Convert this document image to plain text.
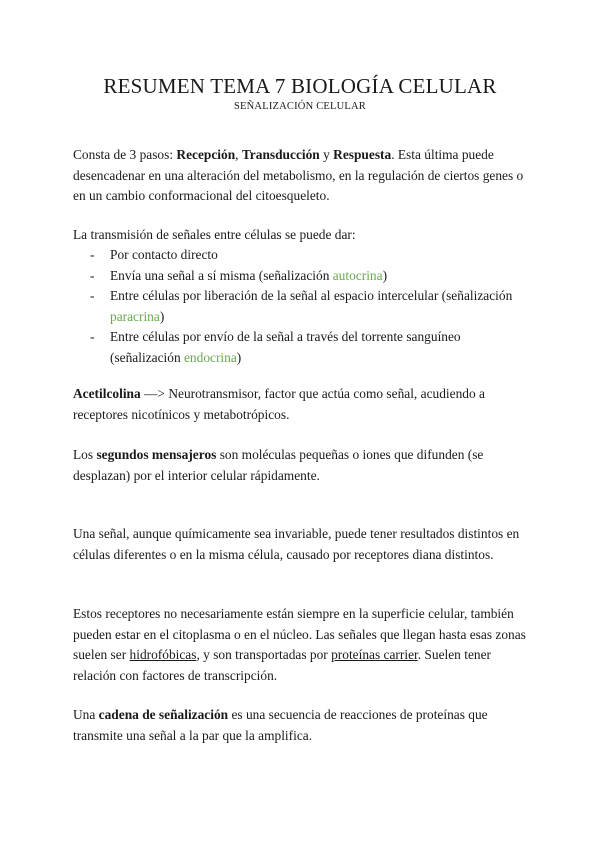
RESUMEN TEMA 7 BIOLOGÍA CELULAR
SEÑALIZACIÓN CELULAR
Consta de 3 pasos: Recepción, Transducción y Respuesta. Esta última puede desencadenar en una alteración del metabolismo, en la regulación de ciertos genes o en un cambio conformacional del citoesqueleto.
La transmisión de señales entre células se puede dar:
- Por contacto directo
- Envía una señal a sí misma (señalización autocrina)
- Entre células por liberación de la señal al espacio intercelular (señalización paracrina)
- Entre células por envío de la señal a través del torrente sanguíneo (señalización endocrina)
Acetilcolina —> Neurotransmisor, factor que actúa como señal, acudiendo a receptores nicotínicos y metabotrópicos.
Los segundos mensajeros son moléculas pequeñas o iones que difunden (se desplazan) por el interior celular rápidamente.
Una señal, aunque químicamente sea invariable, puede tener resultados distintos en células diferentes o en la misma célula, causado por receptores diana distintos.
Estos receptores no necesariamente están siempre en la superficie celular, también pueden estar en el citoplasma o en el núcleo. Las señales que llegan hasta esas zonas suelen ser hidrofóbicas, y son transportadas por proteínas carrier. Suelen tener relación con factores de transcripción.
Una cadena de señalización es una secuencia de reacciones de proteínas que transmite una señal a la par que la amplifica.
